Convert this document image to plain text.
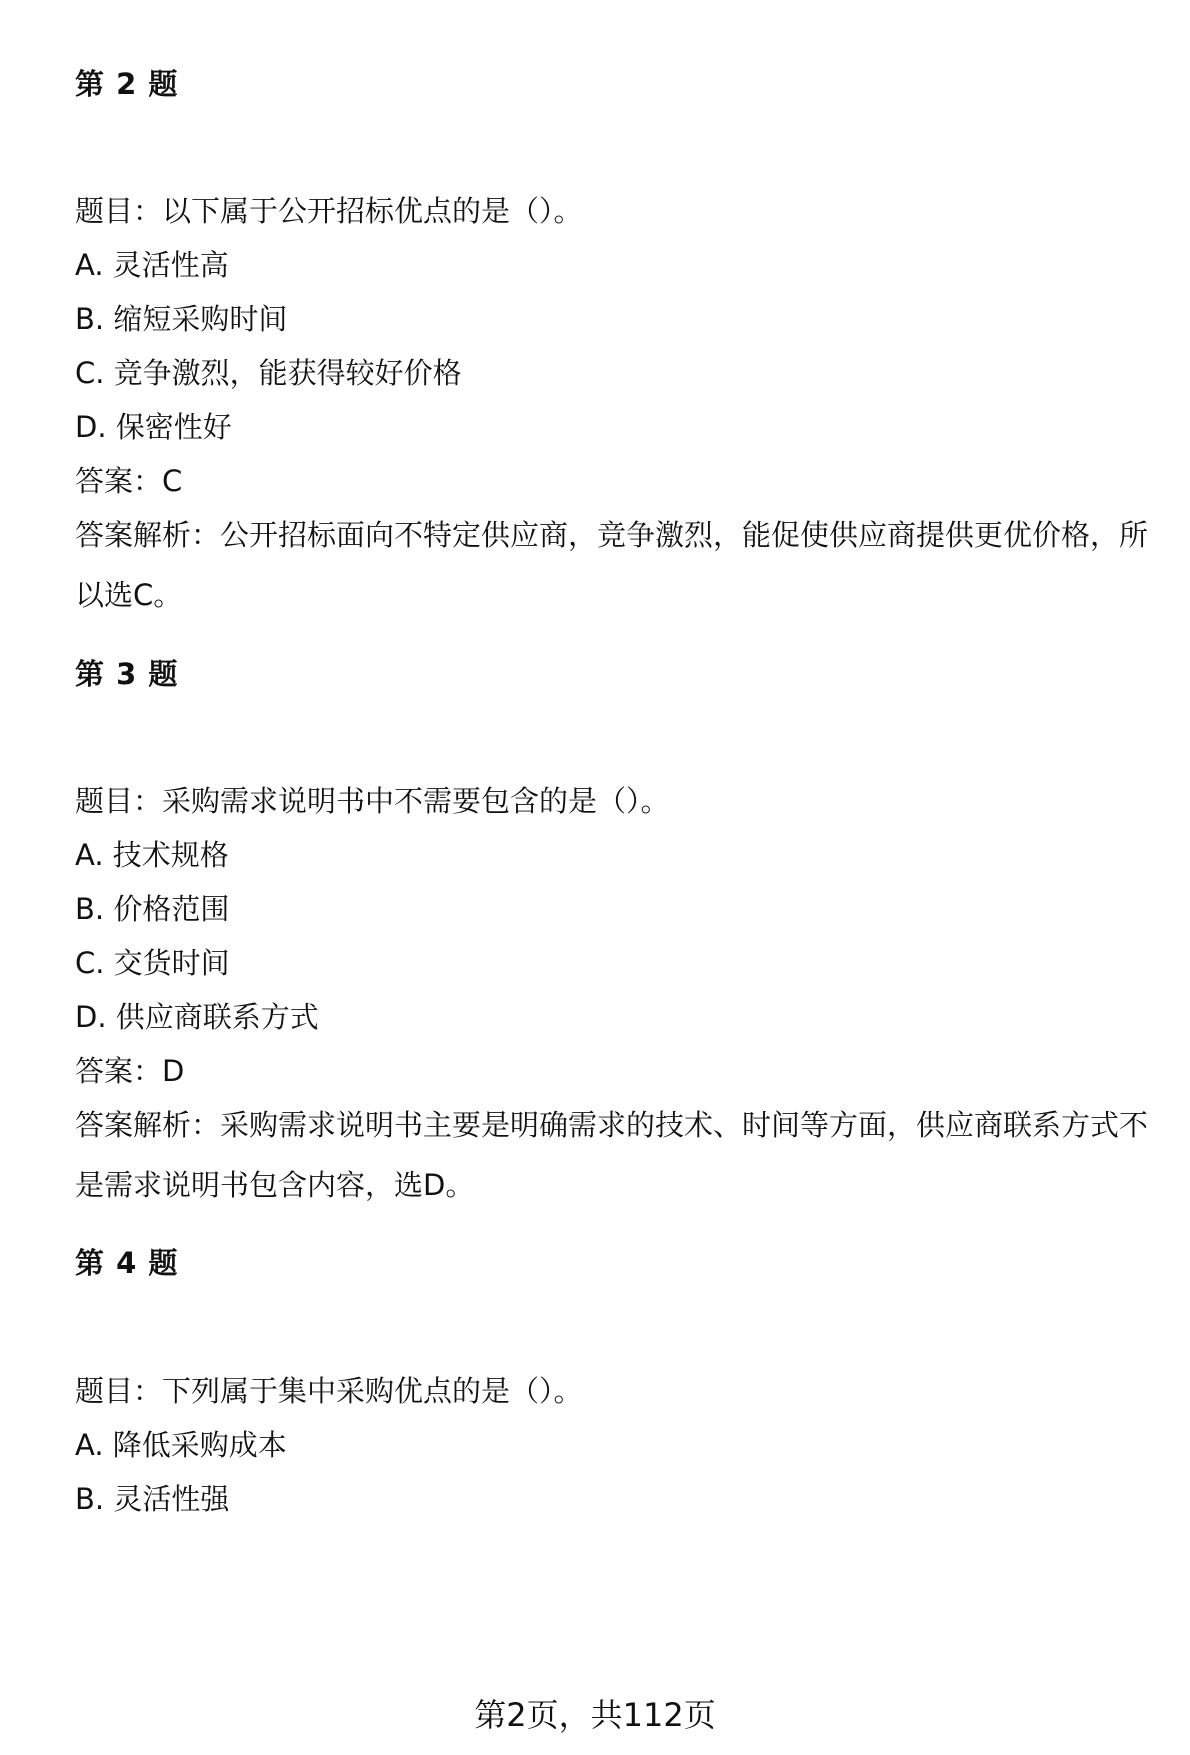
第 2 题
题目：以下属于公开招标优点的是（）。
A. 灵活性高
B. 缩短采购时间
C. 竞争激烈，能获得较好价格
D. 保密性好
答案：C
答案解析：公开招标面向不特定供应商，竞争激烈，能促使供应商提供更优价格，所以选C。
第 3 题
题目：采购需求说明书中不需要包含的是（）。
A. 技术规格
B. 价格范围
C. 交货时间
D. 供应商联系方式
答案：D
答案解析：采购需求说明书主要是明确需求的技术、时间等方面，供应商联系方式不是需求说明书包含内容，选D。
第 4 题
题目：下列属于集中采购优点的是（）。
A. 降低采购成本
B. 灵活性强
第2页，共112页
